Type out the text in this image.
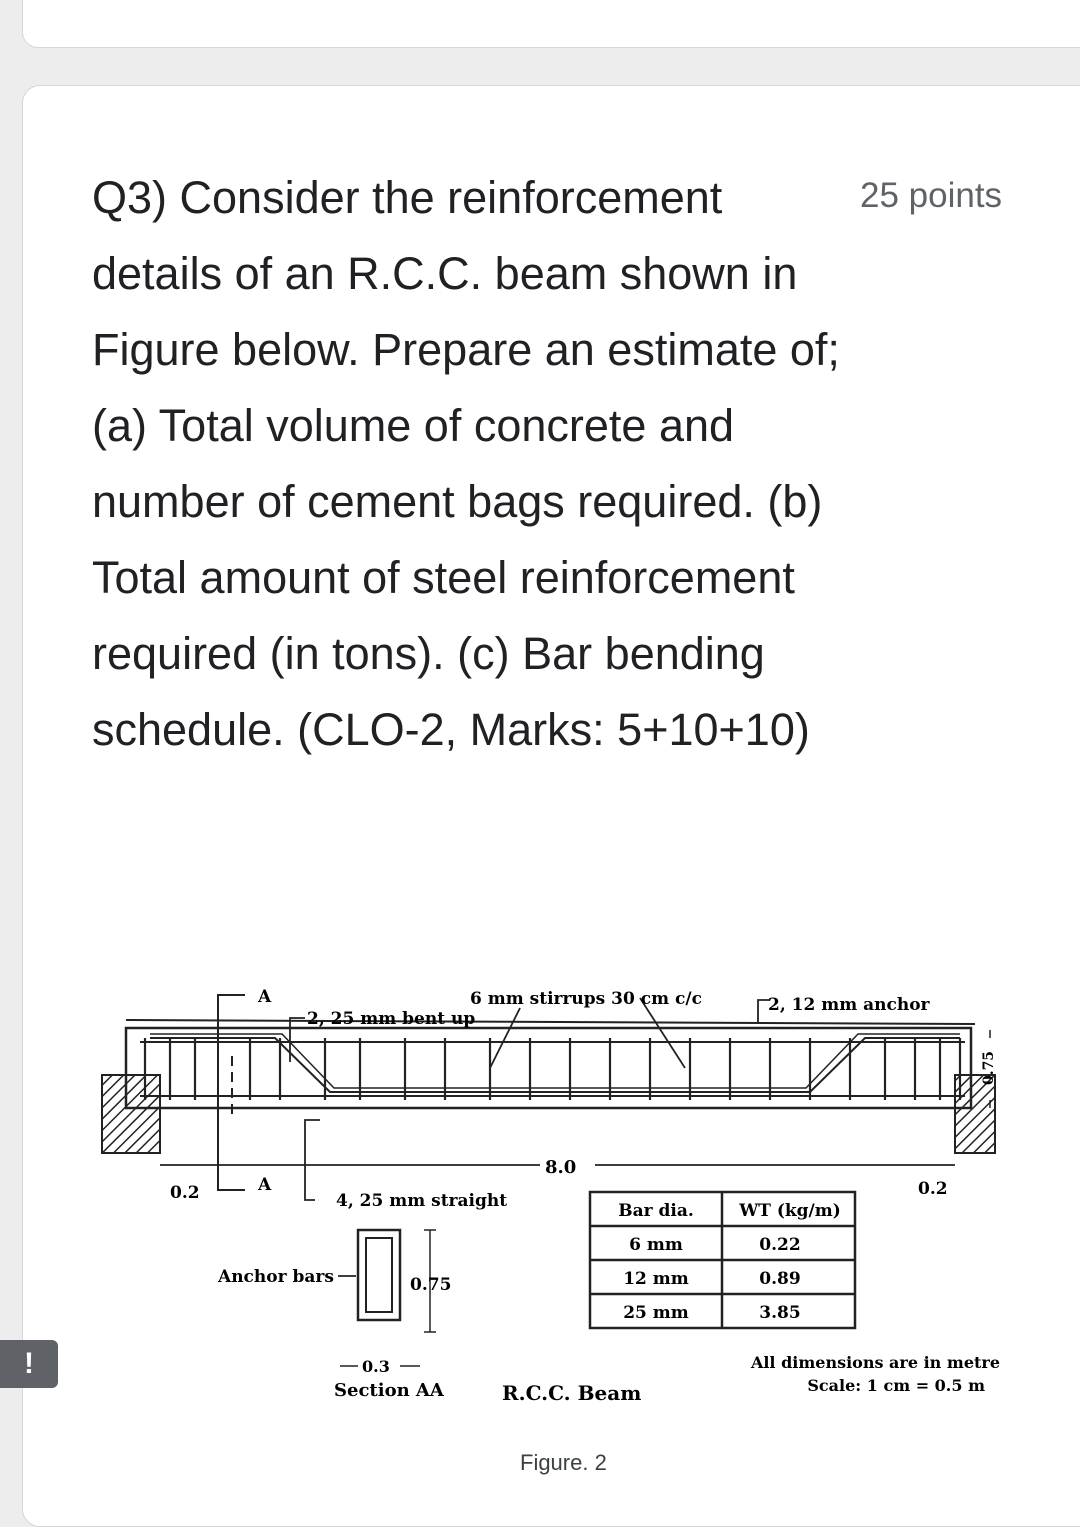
Q3) Consider the reinforcement details of an R.C.C. beam shown in Figure below. Prepare an estimate of; (a) Total volume of concrete and number of cement bags required. (b) Total amount of steel reinforcement required (in tons). (c) Bar bending schedule. (CLO-2, Marks: 5+10+10)
25 points
A
A
2, 25 mm bent up
6 mm stirrups 30 cm c/c	2, 12 mm anchor
8.0
0.2	0.2
0.75
4, 25 mm straight
Anchor bars	0.75
0.3
Section AA
Bar dia.	WT (kg/m)
6 mm	0.22
12 mm	0.89
25 mm	3.85
R.C.C. Beam
All dimensions are in metre
Scale: 1 cm = 0.5 m
Figure. 2
!
